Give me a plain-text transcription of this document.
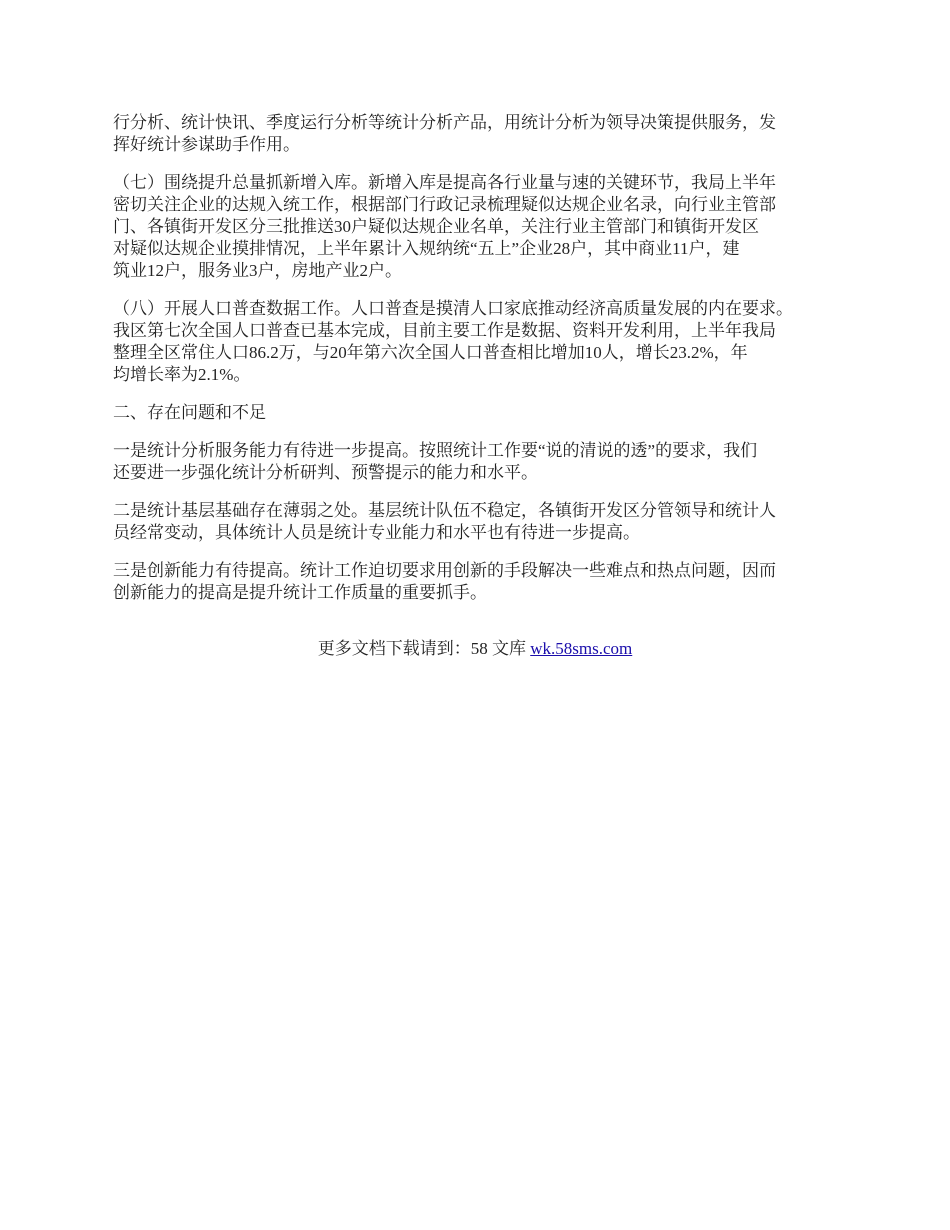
行分析、统计快讯、季度运行分析等统计分析产品，用统计分析为领导决策提供服务，发
挥好统计参谋助手作用。

（七）围绕提升总量抓新增入库。新增入库是提高各行业量与速的关键环节，我局上半年
密切关注企业的达规入统工作，根据部门行政记录梳理疑似达规企业名录，向行业主管部
门、各镇街开发区分三批推送30户疑似达规企业名单，关注行业主管部门和镇街开发区
对疑似达规企业摸排情况，上半年累计入规纳统“五上”企业28户，其中商业11户，建
筑业12户，服务业3户，房地产业2户。

（八）开展人口普查数据工作。人口普查是摸清人口家底推动经济高质量发展的内在要求。
我区第七次全国人口普查已基本完成，目前主要工作是数据、资料开发利用，上半年我局
整理全区常住人口86.2万，与20年第六次全国人口普查相比增加10人，增长23.2%，年
均增长率为2.1%。

二、存在问题和不足

一是统计分析服务能力有待进一步提高。按照统计工作要“说的清说的透”的要求，我们
还要进一步强化统计分析研判、预警提示的能力和水平。

二是统计基层基础存在薄弱之处。基层统计队伍不稳定，各镇街开发区分管领导和统计人
员经常变动，具体统计人员是统计专业能力和水平也有待进一步提高。

三是创新能力有待提高。统计工作迫切要求用创新的手段解决一些难点和热点问题，因而
创新能力的提高是提升统计工作质量的重要抓手。

更多文档下载请到：58 文库 wk.58sms.com
